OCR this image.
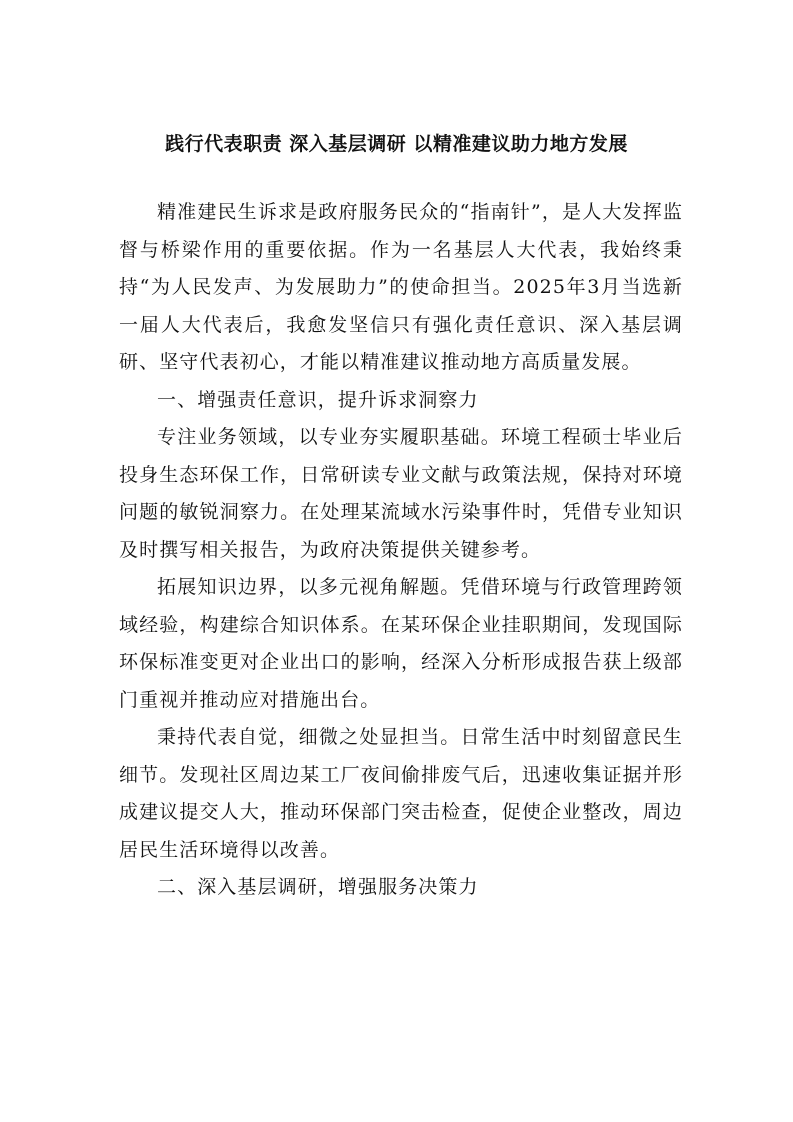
践行代表职责 深入基层调研 以精准建议助力地方发展

精准建民生诉求是政府服务民众的“指南针”，是人大发挥监督与桥梁作用的重要依据。作为一名基层人大代表，我始终秉持“为人民发声、为发展助力”的使命担当。2025年3月当选新一届人大代表后，我愈发坚信只有强化责任意识、深入基层调研、坚守代表初心，才能以精准建议推动地方高质量发展。

一、增强责任意识，提升诉求洞察力

专注业务领域，以专业夯实履职基础。环境工程硕士毕业后投身生态环保工作，日常研读专业文献与政策法规，保持对环境问题的敏锐洞察力。在处理某流域水污染事件时，凭借专业知识及时撰写相关报告，为政府决策提供关键参考。

拓展知识边界，以多元视角解题。凭借环境与行政管理跨领域经验，构建综合知识体系。在某环保企业挂职期间，发现国际环保标准变更对企业出口的影响，经深入分析形成报告获上级部门重视并推动应对措施出台。

秉持代表自觉，细微之处显担当。日常生活中时刻留意民生细节。发现社区周边某工厂夜间偷排废气后，迅速收集证据并形成建议提交人大，推动环保部门突击检查，促使企业整改，周边居民生活环境得以改善。

二、深入基层调研，增强服务决策力
